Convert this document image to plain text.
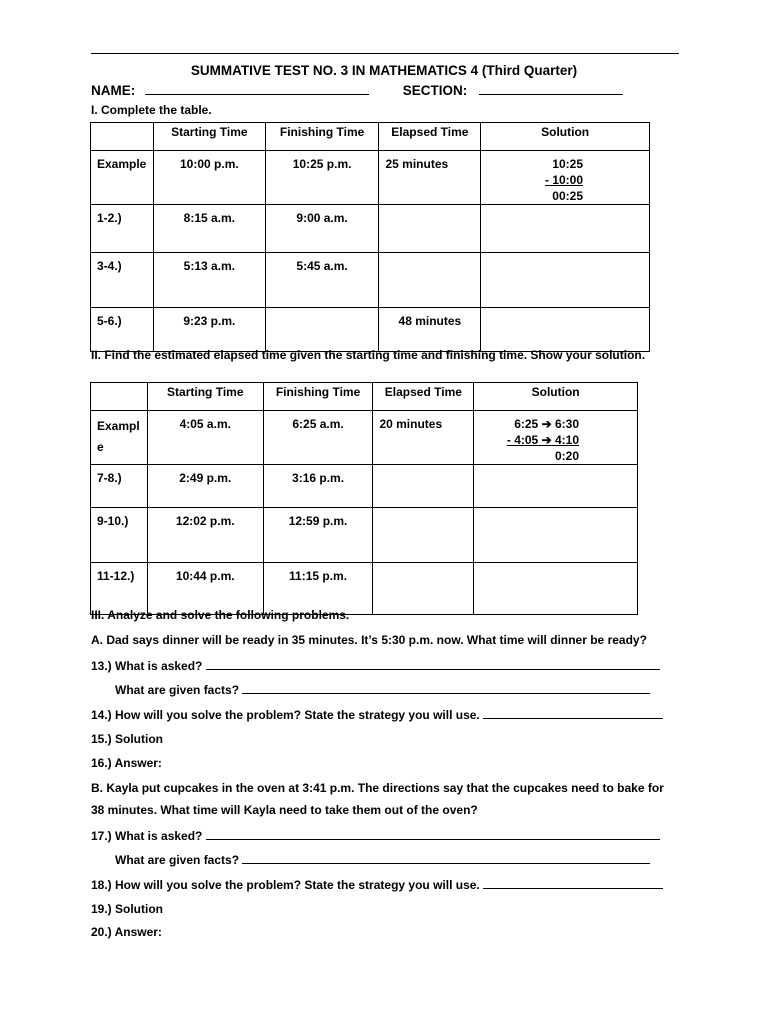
SUMMATIVE TEST NO. 3 IN MATHEMATICS 4 (Third Quarter)
NAME:	SECTION:
I. Complete the table.
	Starting Time	Finishing Time	Elapsed Time	Solution
Example	10:00 p.m.	10:25 p.m.	25 minutes	10:25
- 10:00
00:25

1-2.)	8:15 a.m.	9:00 a.m.		
3-4.)	5:13 a.m.	5:45 a.m.		
5-6.)	9:23 p.m.		48 minutes	
II. Find the estimated elapsed time given the starting time and finishing time. Show your solution.
	Starting Time	Finishing Time	Elapsed Time	Solution
Example	4:05 a.m.	6:25 a.m.	20 minutes	6:25 ➔ 6:30
- 4:05 ➔ 4:10
0:20

7-8.)	2:49 p.m.	3:16 p.m.		
9-10.)	12:02 p.m.	12:59 p.m.		
11-12.)	10:44 p.m.	11:15 p.m.		
III. Analyze and solve the following problems.
A. Dad says dinner will be ready in 35 minutes. It’s 5:30 p.m. now. What time will dinner be ready?
13.) What is asked?
What are given facts?
14.) How will you solve the problem? State the strategy you will use.
15.) Solution
16.) Answer:
B. Kayla put cupcakes in the oven at 3:41 p.m. The directions say that the cupcakes need to bake for
38 minutes. What time will Kayla need to take them out of the oven?
17.) What is asked?
What are given facts?
18.) How will you solve the problem? State the strategy you will use.
19.) Solution
20.) Answer:
